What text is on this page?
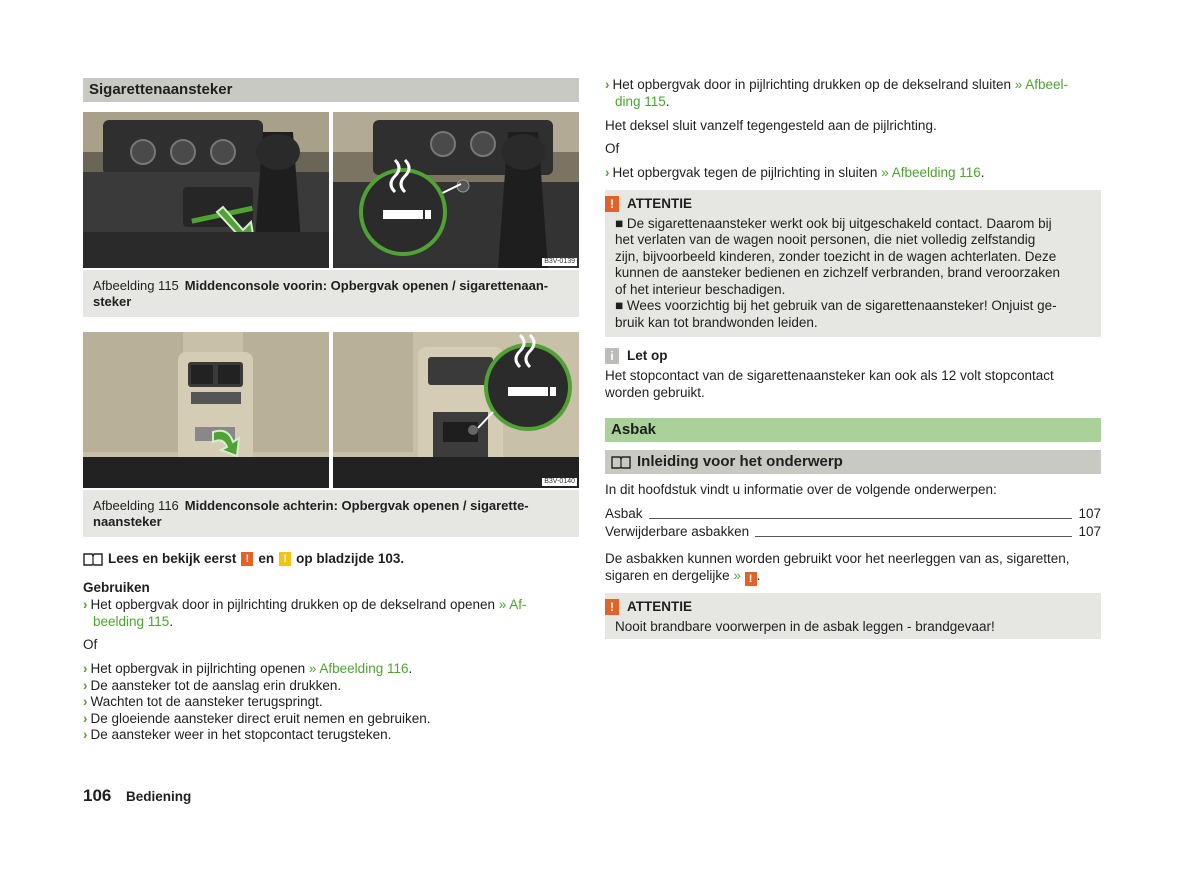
Sigarettenaansteker
B3V-0139
Afbeelding 115 Middenconsole voorin: Opbergvak openen / sigarettenaan-
steker
B3V-0140
Afbeelding 116 Middenconsole achterin: Opbergvak openen / sigarette-
naansteker
Lees en bekijk eerst ! en ! op bladzijde 103.
Gebruiken
› Het opbergvak door in pijlrichting drukken op de dekselrand openen » Af-
beelding 115.
Of
› Het opbergvak in pijlrichting openen » Afbeelding 116.
› De aansteker tot de aanslag erin drukken.
› Wachten tot de aansteker terugspringt.
› De gloeiende aansteker direct eruit nemen en gebruiken.
› De aansteker weer in het stopcontact terugsteken.
› Het opbergvak door in pijlrichting drukken op de dekselrand sluiten » Afbeel-
ding 115.
Het deksel sluit vanzelf tegengesteld aan de pijlrichting.
Of
› Het opbergvak tegen de pijlrichting in sluiten » Afbeelding 116.
! ATTENTIE
■ De sigarettenaansteker werkt ook bij uitgeschakeld contact. Daarom bij
het verlaten van de wagen nooit personen, die niet volledig zelfstandig
zijn, bijvoorbeeld kinderen, zonder toezicht in de wagen achterlaten. Deze
kunnen de aansteker bedienen en zichzelf verbranden, brand veroorzaken
of het interieur beschadigen.
■ Wees voorzichtig bij het gebruik van de sigarettenaansteker! Onjuist ge-
bruik kan tot brandwonden leiden.
i Let op
Het stopcontact van de sigarettenaansteker kan ook als 12 volt stopcontact
worden gebruikt.
Asbak
Inleiding voor het onderwerp
In dit hoofdstuk vindt u informatie over de volgende onderwerpen:
Asbak	107
Verwijderbare asbakken	107
De asbakken kunnen worden gebruikt voor het neerleggen van as, sigaretten,
sigaren en dergelijke » ! .
! ATTENTIE
Nooit brandbare voorwerpen in de asbak leggen - brandgevaar!
106 Bediening
